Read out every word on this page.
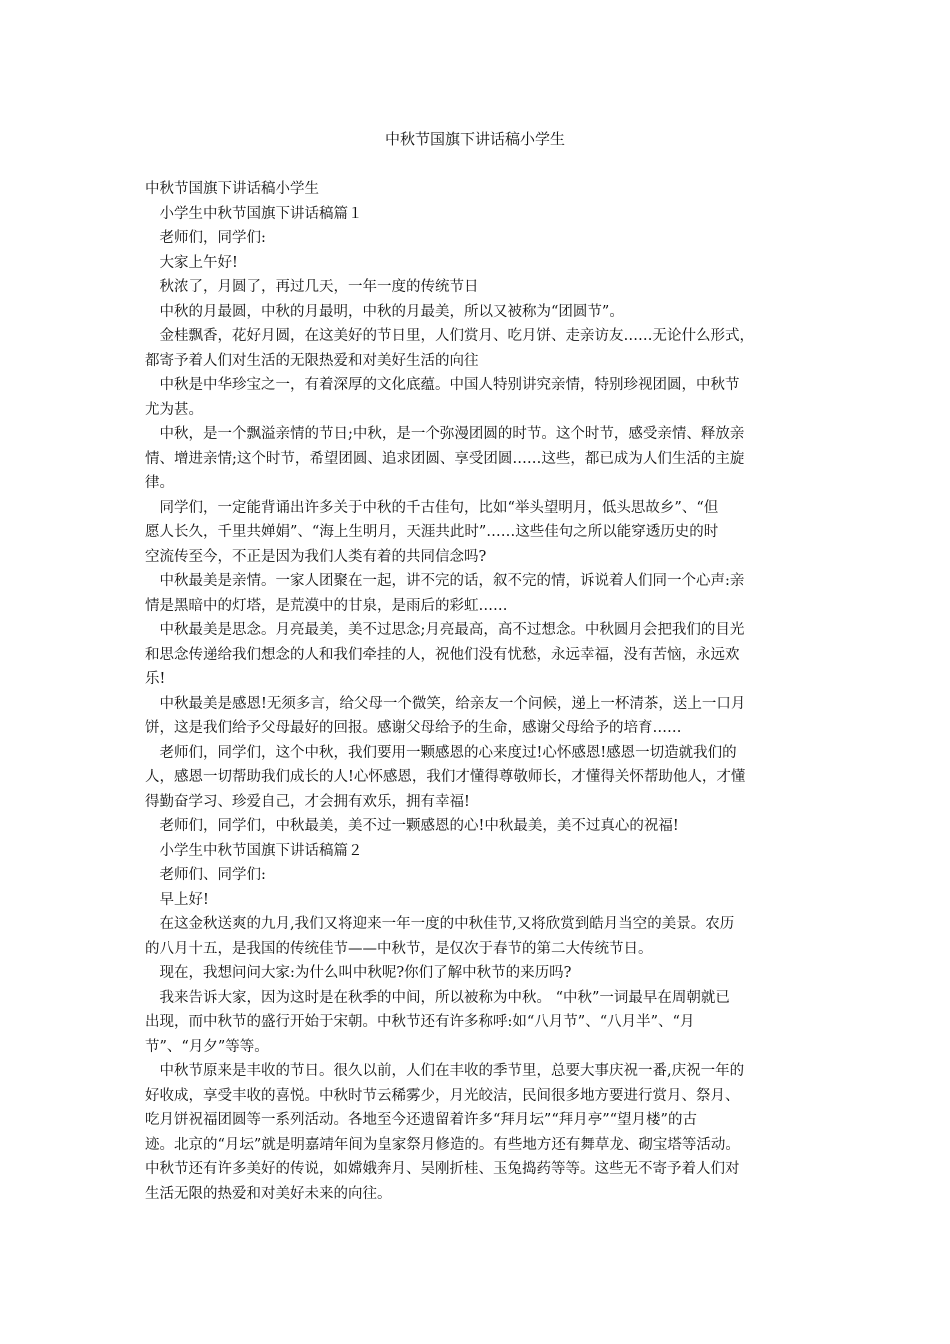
中秋节国旗下讲话稿小学生
中秋节国旗下讲话稿小学生
　小学生中秋节国旗下讲话稿篇１
　老师们，同学们:
　大家上午好!
　秋浓了，月圆了，再过几天，一年一度的传统节日
　中秋的月最圆，中秋的月最明，中秋的月最美，所以又被称为“团圆节”。
　金桂飘香，花好月圆，在这美好的节日里，人们赏月、吃月饼、走亲访友……无论什么形式，
都寄予着人们对生活的无限热爱和对美好生活的向往
　中秋是中华珍宝之一，有着深厚的文化底蕴。中国人特别讲究亲情，特别珍视团圆，中秋节
尤为甚。
　中秋，是一个飘溢亲情的节日;中秋，是一个弥漫团圆的时节。这个时节，感受亲情、释放亲
情、增进亲情;这个时节，希望团圆、追求团圆、享受团圆……这些，都已成为人们生活的主旋
律。
　同学们，一定能背诵出许多关于中秋的千古佳句，比如“举头望明月，低头思故乡”、“但
愿人长久，千里共婵娟”、“海上生明月，天涯共此时”……这些佳句之所以能穿透历史的时
空流传至今，不正是因为我们人类有着的共同信念吗?
　中秋最美是亲情。一家人团聚在一起，讲不完的话，叙不完的情，诉说着人们同一个心声:亲
情是黑暗中的灯塔，是荒漠中的甘泉，是雨后的彩虹……
　中秋最美是思念。月亮最美，美不过思念;月亮最高，高不过想念。中秋圆月会把我们的目光
和思念传递给我们想念的人和我们牵挂的人，祝他们没有忧愁，永远幸福，没有苦恼，永远欢
乐!
　中秋最美是感恩!无须多言，给父母一个微笑，给亲友一个问候，递上一杯清茶，送上一口月
饼，这是我们给予父母最好的回报。感谢父母给予的生命，感谢父母给予的培育……
　老师们，同学们，这个中秋，我们要用一颗感恩的心来度过!心怀感恩!感恩一切造就我们的
人，感恩一切帮助我们成长的人!心怀感恩，我们才懂得尊敬师长，才懂得关怀帮助他人，才懂
得勤奋学习、珍爱自己，才会拥有欢乐，拥有幸福!
　老师们，同学们，中秋最美，美不过一颗感恩的心!中秋最美，美不过真心的祝福!
　小学生中秋节国旗下讲话稿篇２
　老师们、同学们:
　早上好!
　在这金秋送爽的九月,我们又将迎来一年一度的中秋佳节,又将欣赏到皓月当空的美景。农历
的八月十五，是我国的传统佳节——中秋节，是仅次于春节的第二大传统节日。
　现在，我想问问大家:为什么叫中秋呢?你们了解中秋节的来历吗?
　我来告诉大家，因为这时是在秋季的中间，所以被称为中秋。 “中秋”一词最早在周朝就已
出现，而中秋节的盛行开始于宋朝。中秋节还有许多称呼:如“八月节”、“八月半”、“月
节”、“月夕”等等。
　中秋节原来是丰收的节日。很久以前，人们在丰收的季节里，总要大事庆祝一番,庆祝一年的
好收成，享受丰收的喜悦。中秋时节云稀雾少，月光皎洁，民间很多地方要进行赏月、祭月、
吃月饼祝福团圆等一系列活动。各地至今还遗留着许多“拜月坛”“拜月亭”“望月楼”的古
迹。北京的“月坛”就是明嘉靖年间为皇家祭月修造的。有些地方还有舞草龙、砌宝塔等活动。
中秋节还有许多美好的传说，如嫦娥奔月、吴刚折桂、玉兔捣药等等。这些无不寄予着人们对
生活无限的热爱和对美好未来的向往。
